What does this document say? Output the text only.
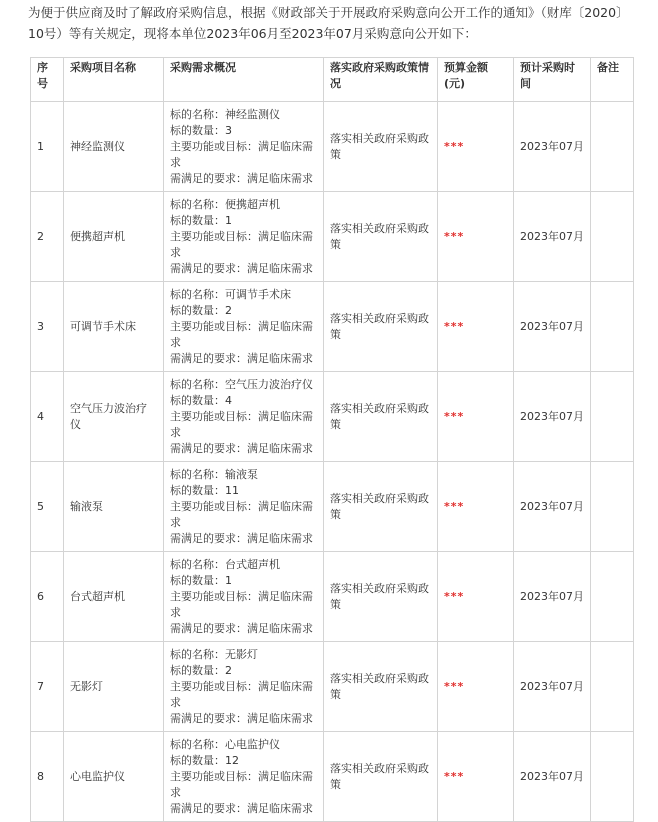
为便于供应商及时了解政府采购信息，根据《财政部关于开展政府采购意向公开工作的通知》（财库〔2020〕10号）等有关规定，现将本单位2023年06月至2023年07月采购意向公开如下：
序号	采购项目名称	采购需求概况	落实政府采购政策情况	预算金额(元)	预计采购时间	备注
1	神经监测仪	标的名称：神经监测仪
标的数量：3
主要功能或目标：满足临床需求
需满足的要求：满足临床需求	落实相关政府采购政策	***	2023年07月	
2	便携超声机	标的名称：便携超声机
标的数量：1
主要功能或目标：满足临床需求
需满足的要求：满足临床需求	落实相关政府采购政策	***	2023年07月	
3	可调节手术床	标的名称：可调节手术床
标的数量：2
主要功能或目标：满足临床需求
需满足的要求：满足临床需求	落实相关政府采购政策	***	2023年07月	
4	空气压力波治疗仪	标的名称：空气压力波治疗仪
标的数量：4
主要功能或目标：满足临床需求
需满足的要求：满足临床需求	落实相关政府采购政策	***	2023年07月	
5	输液泵	标的名称：输液泵
标的数量：11
主要功能或目标：满足临床需求
需满足的要求：满足临床需求	落实相关政府采购政策	***	2023年07月	
6	台式超声机	标的名称：台式超声机
标的数量：1
主要功能或目标：满足临床需求
需满足的要求：满足临床需求	落实相关政府采购政策	***	2023年07月	
7	无影灯	标的名称：无影灯
标的数量：2
主要功能或目标：满足临床需求
需满足的要求：满足临床需求	落实相关政府采购政策	***	2023年07月	
8	心电监护仪	标的名称：心电监护仪
标的数量：12
主要功能或目标：满足临床需求
需满足的要求：满足临床需求	落实相关政府采购政策	***	2023年07月	
